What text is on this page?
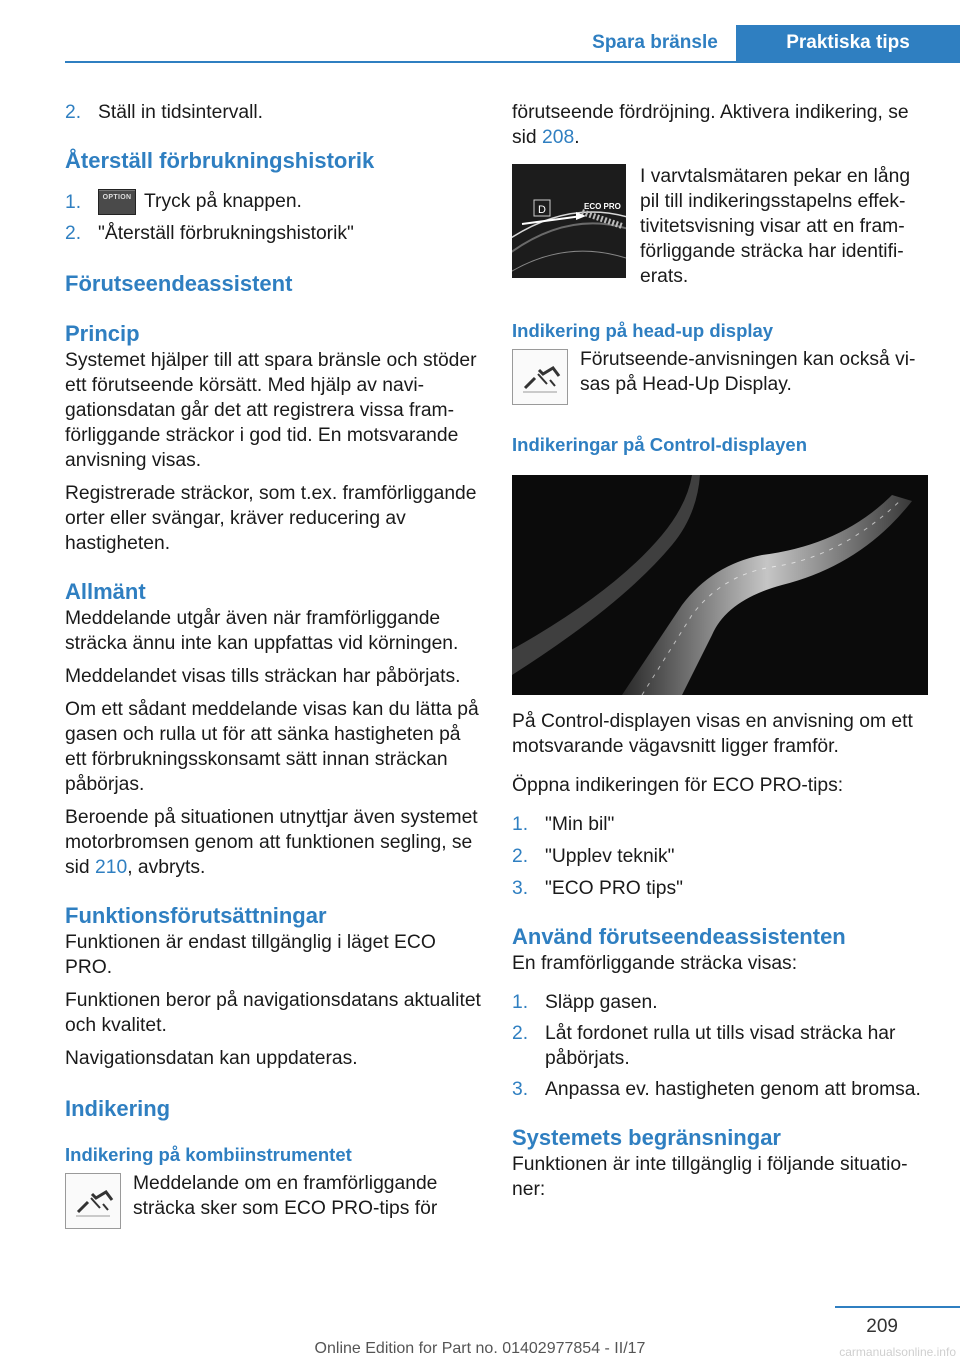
Spara bränsle	Praktiska tips
2. Ställ in tidsintervall.
Återställ förbrukningshistorik
1.	OPTION Tryck på knappen.
2. "Återställ förbrukningshistorik"
Förutseendeassistent
Princip

Systemet hjälper till att spara bränsle och stöder ett förutseende körsätt. Med hjälp av navigationsdatan går det att registrera vissa framförliggande sträckor i god tid. En motsvarande anvisning visas.

Registrerade sträckor, som t.ex. framförliggande orter eller svängar, kräver reducering av hastigheten.

Allmänt

Meddelande utgår även när framförliggande sträcka ännu inte kan uppfattas vid körningen.

Meddelandet visas tills sträckan har påbörjats.

Om ett sådant meddelande visas kan du lätta på gasen och rulla ut för att sänka hastigheten på ett förbrukningsskonsamt sätt innan sträckan påbörjas.

Beroende på situationen utnyttjar även systemet motorbromsen genom att funktionen segling, se sid 210, avbryts.

Funktionsförutsättningar

Funktionen är endast tillgänglig i läget ECO PRO.

Funktionen beror på navigationsdatans aktualitet och kvalitet.

Navigationsdatan kan uppdateras.

Indikering
Indikering på kombiinstrumentet

Meddelande om en framförliggande sträcka sker som ECO PRO-tips för

förutseende fördröjning. Aktivera indikering, se sid 208.

D	ECO PRO

I varvtalsmätaren pekar en lång pil till indikeringsstapelns effektivitetsvisning visar att en framförliggande sträcka har identifierats.

Indikering på head-up display

Förutseende-anvisningen kan också visas på Head-Up Display.

Indikeringar på Control-displayen

På Control-displayen visas en anvisning om ett motsvarande vägavsnitt ligger framför.

Öppna indikeringen för ECO PRO-tips:

1. "Min bil"
2. "Upplev teknik"
3. "ECO PRO tips"
Använd förutseendeassistenten

En framförliggande sträcka visas:

1. Släpp gasen.
2. Låt fordonet rulla ut tills visad sträcka har påbörjats.
3. Anpassa ev. hastigheten genom att bromsa.
Systemets begränsningar

Funktionen är inte tillgänglig i följande situationer:

209
Online Edition for Part no. 01402977854 - II/17	carmanualsonline.info
